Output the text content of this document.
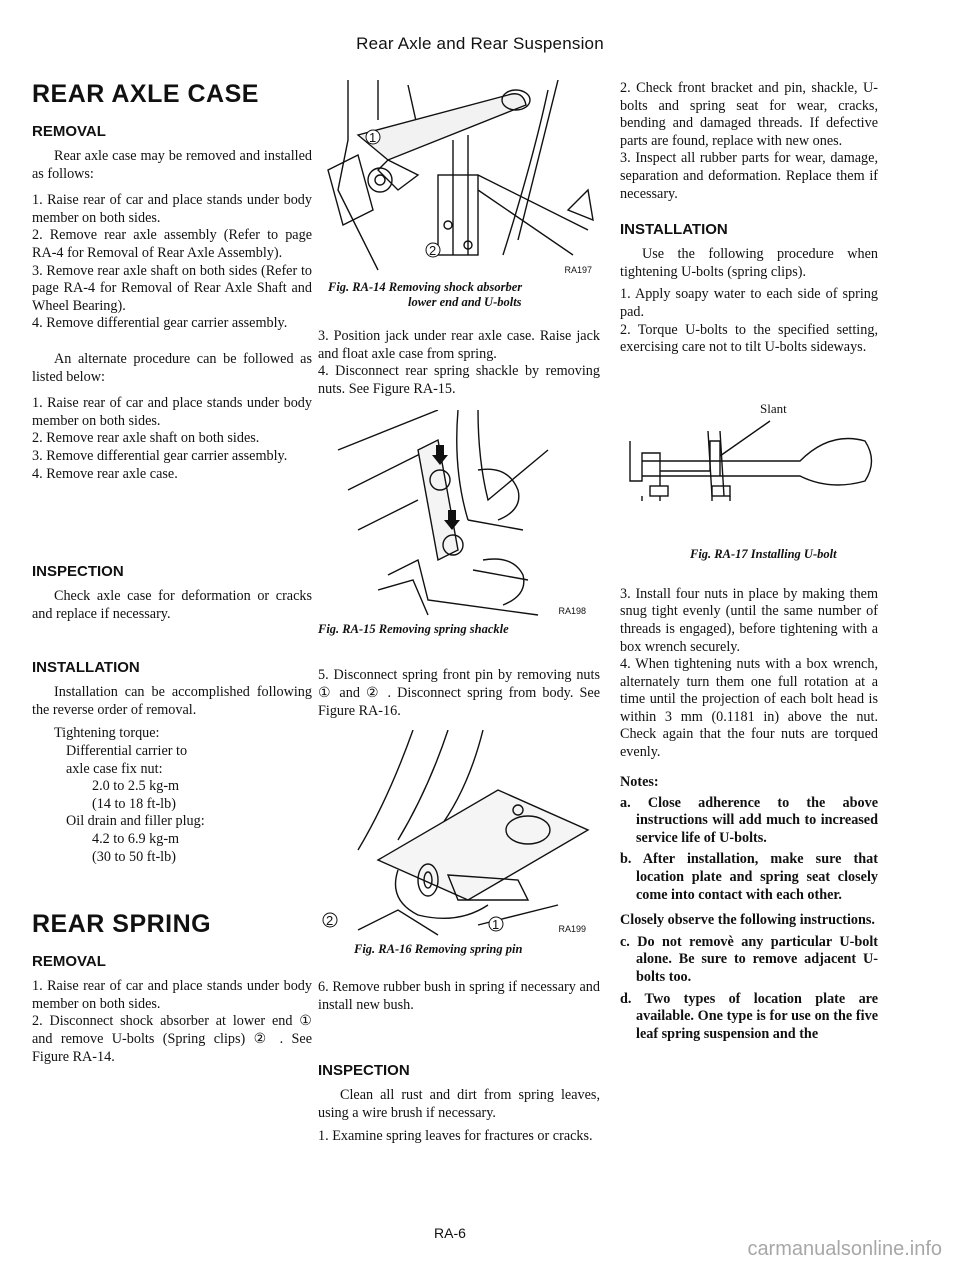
Rear Axle and Rear Suspension
REAR AXLE CASE
REMOVAL

Rear axle case may be removed and installed as follows:

1. Raise rear of car and place stands under body member on both sides.

2. Remove rear axle assembly (Refer to page RA-4 for Removal of Rear Axle Assembly).

3. Remove rear axle shaft on both sides (Refer to page RA-4 for Removal of Rear Axle Shaft and Wheel Bearing).

4. Remove differential gear carrier assembly.

An alternate procedure can be followed as listed below:

1. Raise rear of car and place stands under body member on both sides.

2. Remove rear axle shaft on both sides.

3. Remove differential gear carrier assembly.

4. Remove rear axle case.

INSPECTION

Check axle case for deformation or cracks and replace if necessary.

INSTALLATION

Installation can be accomplished following the reverse order of removal.

Tightening torque:
Differential carrier to
axle case fix nut:
2.0 to 2.5 kg-m
(14 to 18 ft-lb)
Oil drain and filler plug:
4.2 to 6.9 kg-m
(30 to 50 ft-lb)
REAR SPRING
REMOVAL

1. Raise rear of car and place stands under body member on both sides.

2. Disconnect shock absorber at lower end ① and remove U-bolts (Spring clips) ② . See Figure RA-14.

1
2
RA197
Fig. RA-14 Removing shock absorber
lower end and U-bolts

3. Position jack under rear axle case. Raise jack and float axle case from spring.

4. Disconnect rear spring shackle by removing nuts. See Figure RA-15.

RA198
Fig. RA-15 Removing spring shackle

5. Disconnect spring front pin by removing nuts ① and ② . Disconnect spring from body. See Figure RA-16.

2	1	RA199
Fig. RA-16 Removing spring pin

6. Remove rubber bush in spring if necessary and install new bush.

INSPECTION

Clean all rust and dirt from spring leaves, using a wire brush if necessary.

1. Examine spring leaves for fractures or cracks.

2. Check front bracket and pin, shackle, U-bolts and spring seat for wear, cracks, bending and damaged threads. If defective parts are found, replace with new ones.

3. Inspect all rubber parts for wear, damage, separation and deformation. Replace them if necessary.

INSTALLATION

Use the following procedure when tightening U-bolts (spring clips).

1. Apply soapy water to each side of spring pad.

2. Torque U-bolts to the specified setting, exercising care not to tilt U-bolts sideways.

Slant
Fig. RA-17 Installing U-bolt

3. Install four nuts in place by making them snug tight evenly (until the same number of threads is engaged), before tightening with a box wrench securely.

4. When tightening nuts with a box wrench, alternately turn them one full rotation at a time until the projection of each bolt head is within 3 mm (0.1181 in) above the nut. Check again that the four nuts are torqued evenly.

Notes:

a. Close adherence to the above instructions will add much to increased service life of U-bolts.

b. After installation, make sure that location plate and spring seat closely come into contact with each other.

Closely observe the following instructions.

c. Do not removè any particular U-bolt alone. Be sure to remove adjacent U-bolts too.

d. Two types of location plate are available. One type is for use on the five leaf spring suspension and the

RA-6
carmanualsonline.info
